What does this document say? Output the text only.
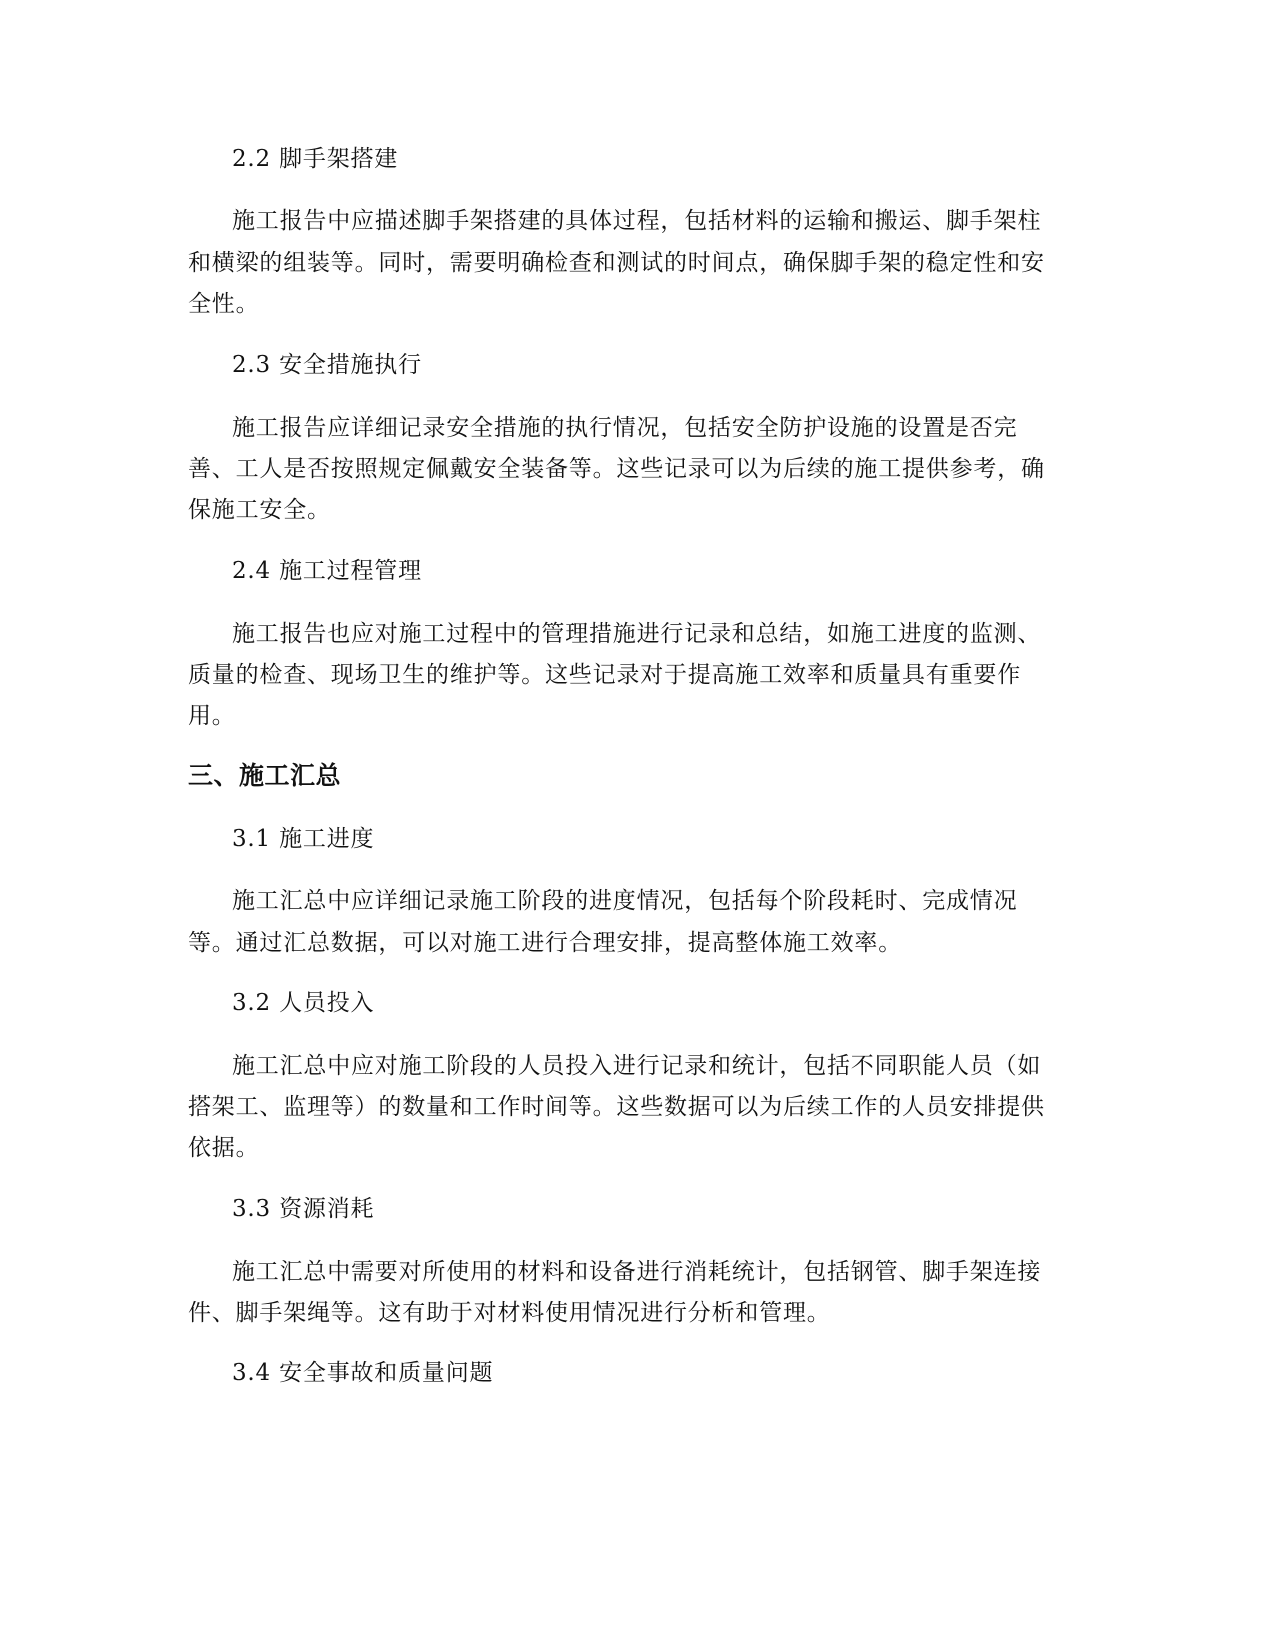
2.2 脚手架搭建
施工报告中应描述脚手架搭建的具体过程，包括材料的运输和搬运、脚手架柱
和横梁的组装等。同时，需要明确检查和测试的时间点，确保脚手架的稳定性和安
全性。
2.3 安全措施执行
施工报告应详细记录安全措施的执行情况，包括安全防护设施的设置是否完
善、工人是否按照规定佩戴安全装备等。这些记录可以为后续的施工提供参考，确
保施工安全。
2.4 施工过程管理
施工报告也应对施工过程中的管理措施进行记录和总结，如施工进度的监测、
质量的检查、现场卫生的维护等。这些记录对于提高施工效率和质量具有重要作
用。
三、施工汇总
3.1 施工进度
施工汇总中应详细记录施工阶段的进度情况，包括每个阶段耗时、完成情况
等。通过汇总数据，可以对施工进行合理安排，提高整体施工效率。
3.2 人员投入
施工汇总中应对施工阶段的人员投入进行记录和统计，包括不同职能人员（如
搭架工、监理等）的数量和工作时间等。这些数据可以为后续工作的人员安排提供
依据。
3.3 资源消耗
施工汇总中需要对所使用的材料和设备进行消耗统计，包括钢管、脚手架连接
件、脚手架绳等。这有助于对材料使用情况进行分析和管理。
3.4 安全事故和质量问题
